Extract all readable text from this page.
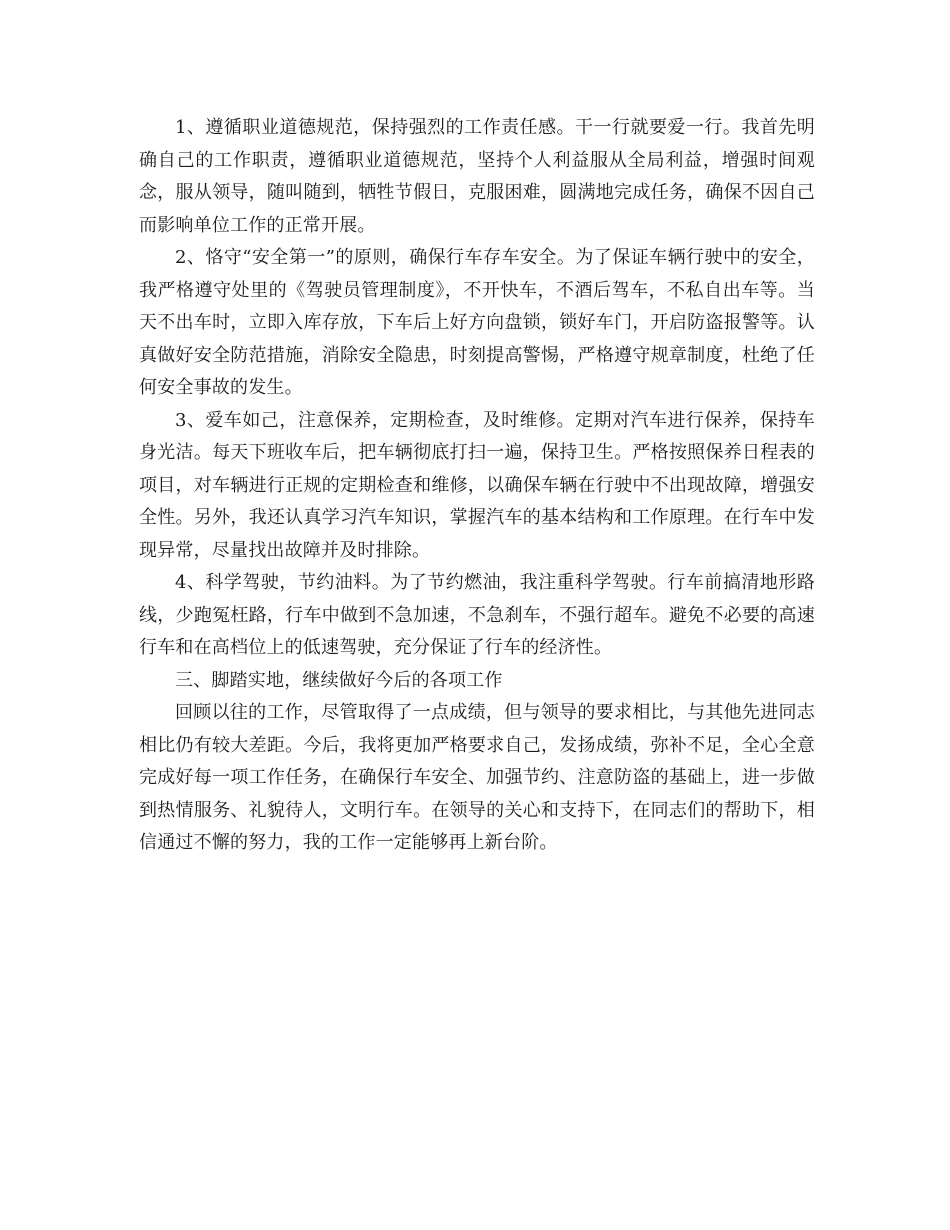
1、遵循职业道德规范，保持强烈的工作责任感。干一行就要爱一行。我首先明确自己的工作职责，遵循职业道德规范，坚持个人利益服从全局利益，增强时间观念，服从领导，随叫随到，牺牲节假日，克服困难，圆满地完成任务，确保不因自己而影响单位工作的正常开展。

2、恪守“安全第一”的原则，确保行车存车安全。为了保证车辆行驶中的安全，我严格遵守处里的《驾驶员管理制度》，不开快车，不酒后驾车，不私自出车等。当天不出车时，立即入库存放，下车后上好方向盘锁，锁好车门，开启防盗报警等。认真做好安全防范措施，消除安全隐患，时刻提高警惕，严格遵守规章制度，杜绝了任何安全事故的发生。

3、爱车如己，注意保养，定期检查，及时维修。定期对汽车进行保养，保持车身光洁。每天下班收车后，把车辆彻底打扫一遍，保持卫生。严格按照保养日程表的项目，对车辆进行正规的定期检查和维修，以确保车辆在行驶中不出现故障，增强安全性。另外，我还认真学习汽车知识，掌握汽车的基本结构和工作原理。在行车中发现异常，尽量找出故障并及时排除。

4、科学驾驶，节约油料。为了节约燃油，我注重科学驾驶。行车前搞清地形路线，少跑冤枉路，行车中做到不急加速，不急刹车，不强行超车。避免不必要的高速行车和在高档位上的低速驾驶，充分保证了行车的经济性。

三、脚踏实地，继续做好今后的各项工作

回顾以往的工作，尽管取得了一点成绩，但与领导的要求相比，与其他先进同志相比仍有较大差距。今后，我将更加严格要求自己，发扬成绩，弥补不足，全心全意完成好每一项工作任务，在确保行车安全、加强节约、注意防盗的基础上，进一步做到热情服务、礼貌待人，文明行车。在领导的关心和支持下，在同志们的帮助下，相信通过不懈的努力，我的工作一定能够再上新台阶。
